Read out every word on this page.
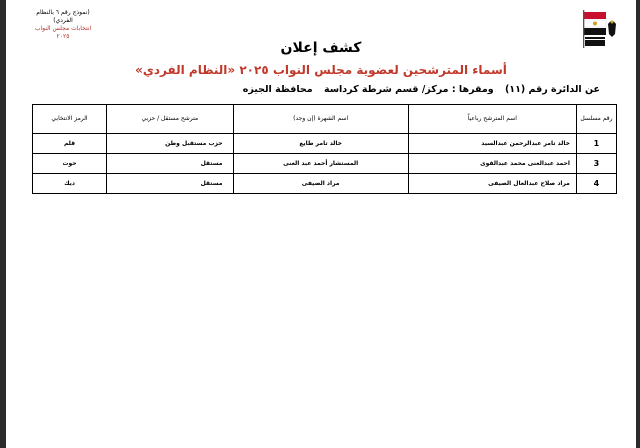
(نموذج رقم ٦ بالنظام الفردي)
انتخابات مجلس النواب ٢٠٢٥
كشف إعلان
أسماء المترشحين لعضوية مجلس النواب ٢٠٢٥ «النظام الفردي»
عن الدائرة رقم (١١) ومقرها : مركز/ قسم شرطة كرداسة محافظة الجيزه
رقم مسلسل	اسم المترشح رباعياً	اسم الشهرة (إن وجد)	مترشح مستقل / حزبي	الرمز الانتخابي
1	خالد تامر عبدالرحمن عبدالسيد	خالد تامر طايع	حزب مستقبل وطن	قلم
3	احمد عبدالغنى محمد عبدالقوى	المستشار أحمد عبد الغنى	مستقل	حوت
4	مراد صلاح عبدالعال الصيفى	مراد الصيفى	مستقل	ديك
